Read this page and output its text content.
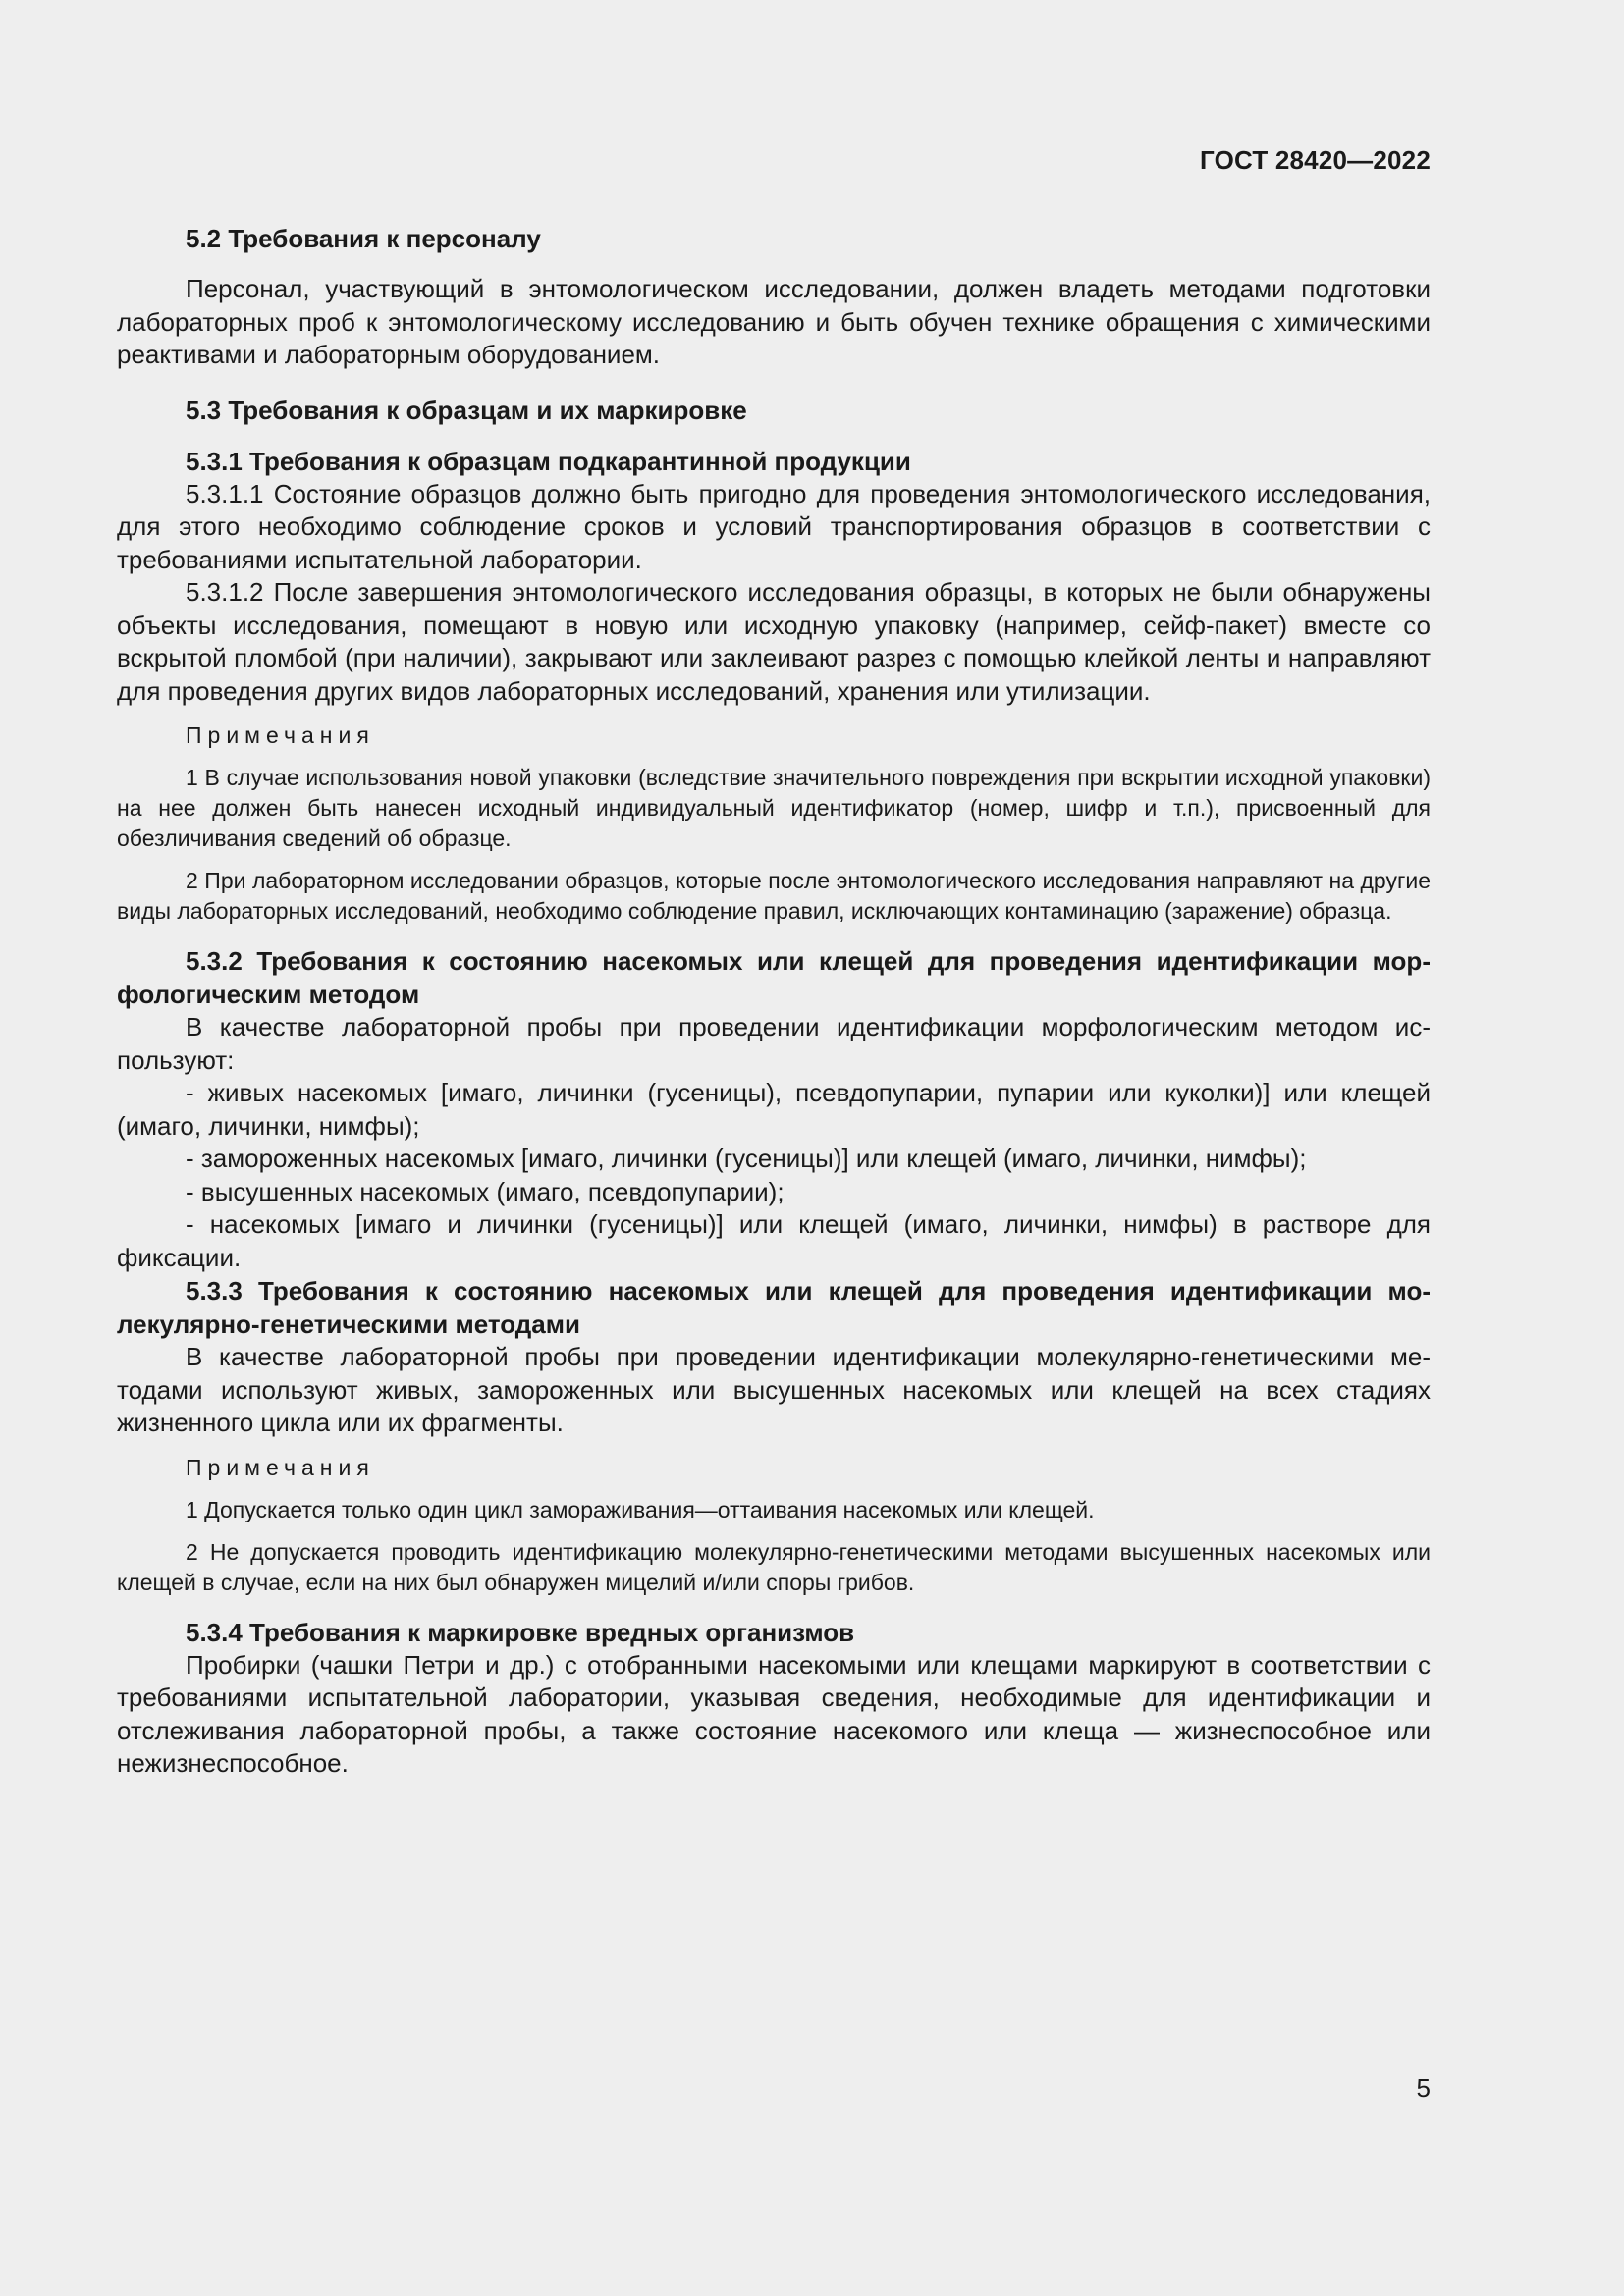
ГОСТ 28420—2022

5.2 Требования к персоналу

Персонал, участвующий в энтомологическом исследовании, должен владеть методами подготовки лабораторных проб к энтомологическому исследованию и быть обучен технике обращения с химическими реактивами и лабораторным оборудованием.

5.3 Требования к образцам и их маркировке

5.3.1 Требования к образцам подкарантинной продукции

5.3.1.1 Состояние образцов должно быть пригодно для проведения энтомологического исследования, для этого необходимо соблюдение сроков и условий транспортирования образцов в соответствии с требованиями испытательной лаборатории.

5.3.1.2 После завершения энтомологического исследования образцы, в которых не были обнаружены объекты исследования, помещают в новую или исходную упаковку (например, сейф-пакет) вместе со вскрытой пломбой (при наличии), закрывают или заклеивают разрез с помощью клейкой ленты и направляют для проведения других видов лабораторных исследований, хранения или утилизации.

Примечания

1 В случае использования новой упаковки (вследствие значительного повреждения при вскрытии исходной упаковки) на нее должен быть нанесен исходный индивидуальный идентификатор (номер, шифр и т.п.), присвоенный для обезличивания сведений об образце.

2 При лабораторном исследовании образцов, которые после энтомологического исследования направляют на другие виды лабораторных исследований, необходимо соблюдение правил, исключающих контаминацию (заражение) образца.

5.3.2 Требования к состоянию насекомых или клещей для проведения идентификации морфологическим методом

В качестве лабораторной пробы при проведении идентификации морфологическим методом используют:

- живых насекомых [имаго, личинки (гусеницы), псевдопупарии, пупарии или куколки)] или клещей (имаго, личинки, нимфы);

- замороженных насекомых [имаго, личинки (гусеницы)] или клещей (имаго, личинки, нимфы);

- высушенных насекомых (имаго, псевдопупарии);

- насекомых [имаго и личинки (гусеницы)] или клещей (имаго, личинки, нимфы) в растворе для фиксации.

5.3.3 Требования к состоянию насекомых или клещей для проведения идентификации молекулярно-генетическими методами

В качестве лабораторной пробы при проведении идентификации молекулярно-генетическими методами используют живых, замороженных или высушенных насекомых или клещей на всех стадиях жизненного цикла или их фрагменты.

Примечания

1 Допускается только один цикл замораживания—оттаивания насекомых или клещей.

2 Не допускается проводить идентификацию молекулярно-генетическими методами высушенных насекомых или клещей в случае, если на них был обнаружен мицелий и/или споры грибов.

5.3.4 Требования к маркировке вредных организмов

Пробирки (чашки Петри и др.) с отобранными насекомыми или клещами маркируют в соответствии с требованиями испытательной лаборатории, указывая сведения, необходимые для идентификации и отслеживания лабораторной пробы, а также состояние насекомого или клеща — жизнеспособное или нежизнеспособное.

5
